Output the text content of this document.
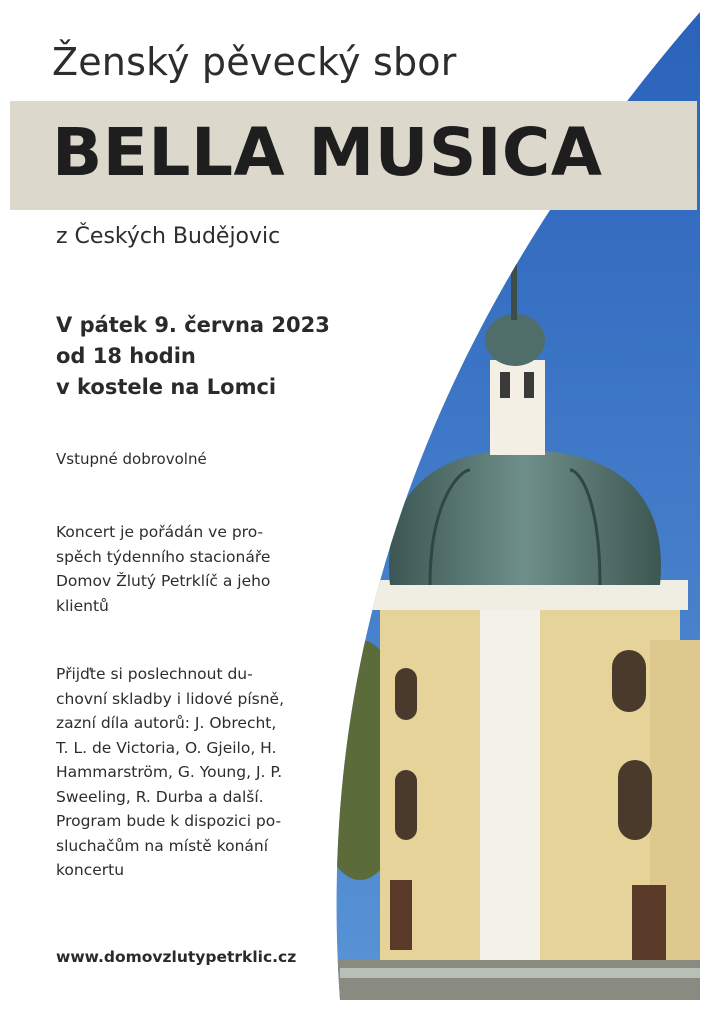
Ženský pěvecký sbor
BELLA MUSICA
z Českých Budějovic
V pátek 9. června 2023
od 18 hodin
v kostele na Lomci
Vstupné dobrovolné
Koncert je pořádán ve pro-
spěch týdenního stacionáře
Domov Žlutý Petrklíč a jeho
klientů
Přijďte si poslechnout du-
chovní skladby i lidové písně,
zazní díla autorů: J. Obrecht,
T. L. de Victoria, O. Gjeilo, H.
Hammarström, G. Young, J. P.
Sweeling, R. Durba a další.
Program bude k dispozici po-
sluchačům na místě konání
koncertu
www.domovzlutypetrklic.cz
